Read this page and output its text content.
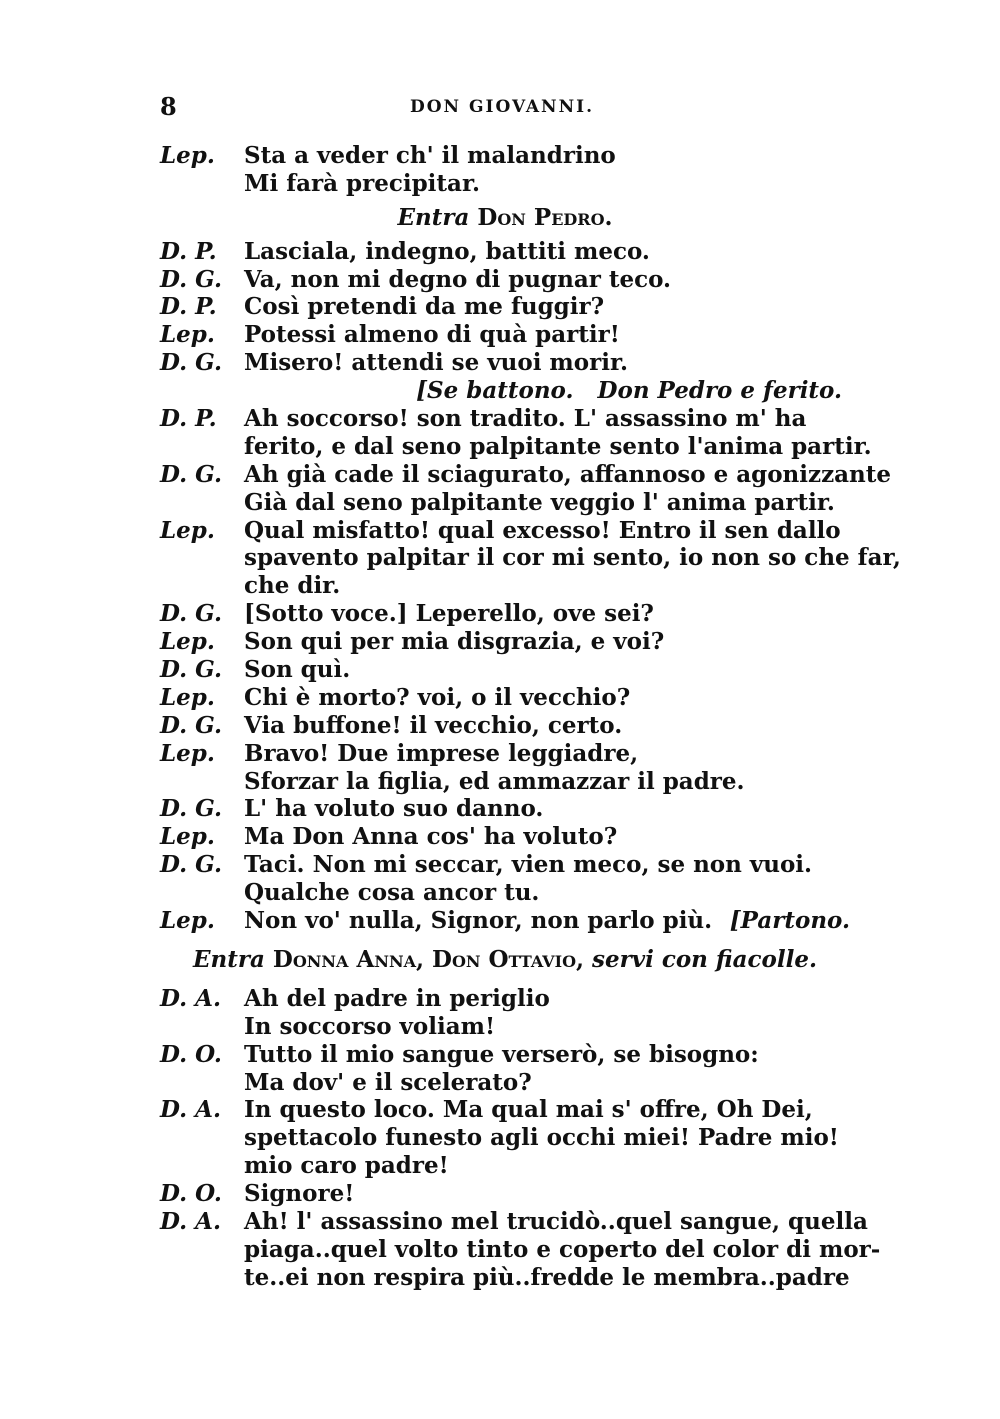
8	DON GIOVANNI.
Lep.	Sta a veder ch' il malandrino
Mi farà precipitar.
Entra Don Pedro.
D. P.	Lasciala, indegno, battiti meco.
D. G. Va, non mi degno di pugnar teco.
D. P.	Così pretendi da me fuggir?
Lep.	Potessi almeno di quà partir!
D. G. Misero! attendi se vuoi morir.
[Se battono. Don Pedro e ferito.
D. P.	Ah soccorso! son tradito. L' assassino m' ha
ferito, e dal seno palpitante sento l'anima partir.
D. G. Ah già cade il sciagurato, affannoso e agonizzante
Già dal seno palpitante veggio l' anima partir.
Lep.	Qual misfatto! qual excesso! Entro il sen dallo
spavento palpitar il cor mi sento, io non so che far,
che dir.
D. G. [Sotto voce.] Leperello, ove sei?
Lep.	Son qui per mia disgrazia, e voi?
D. G. Son quì.
Lep.	Chi è morto? voi, o il vecchio?
D. G. Via buffone! il vecchio, certo.
Lep.	Bravo! Due imprese leggiadre,
Sforzar la figlia, ed ammazzar il padre.
D. G. L' ha voluto suo danno.
Lep.	Ma Don Anna cos' ha voluto?
D. G. Taci. Non mi seccar, vien meco, se non vuoi.
Qualche cosa ancor tu.
Lep.	Non vo' nulla, Signor, non parlo più. [Partono.
Entra Donna Anna, Don Ottavio, servi con fiacolle.
D. A.	Ah del padre in periglio
In soccorso voliam!
D. O. Tutto il mio sangue verserò, se bisogno:
Ma dov' e il scelerato?
D. A.	In questo loco. Ma qual mai s' offre, Oh Dei,
spettacolo funesto agli occhi miei! Padre mio!
mio caro padre!
D. O. Signore!
D. A.	Ah! l' assassino mel trucidò..quel sangue, quella
piaga..quel volto tinto e coperto del color di mor-
te..ei non respira più..fredde le membra..padre
